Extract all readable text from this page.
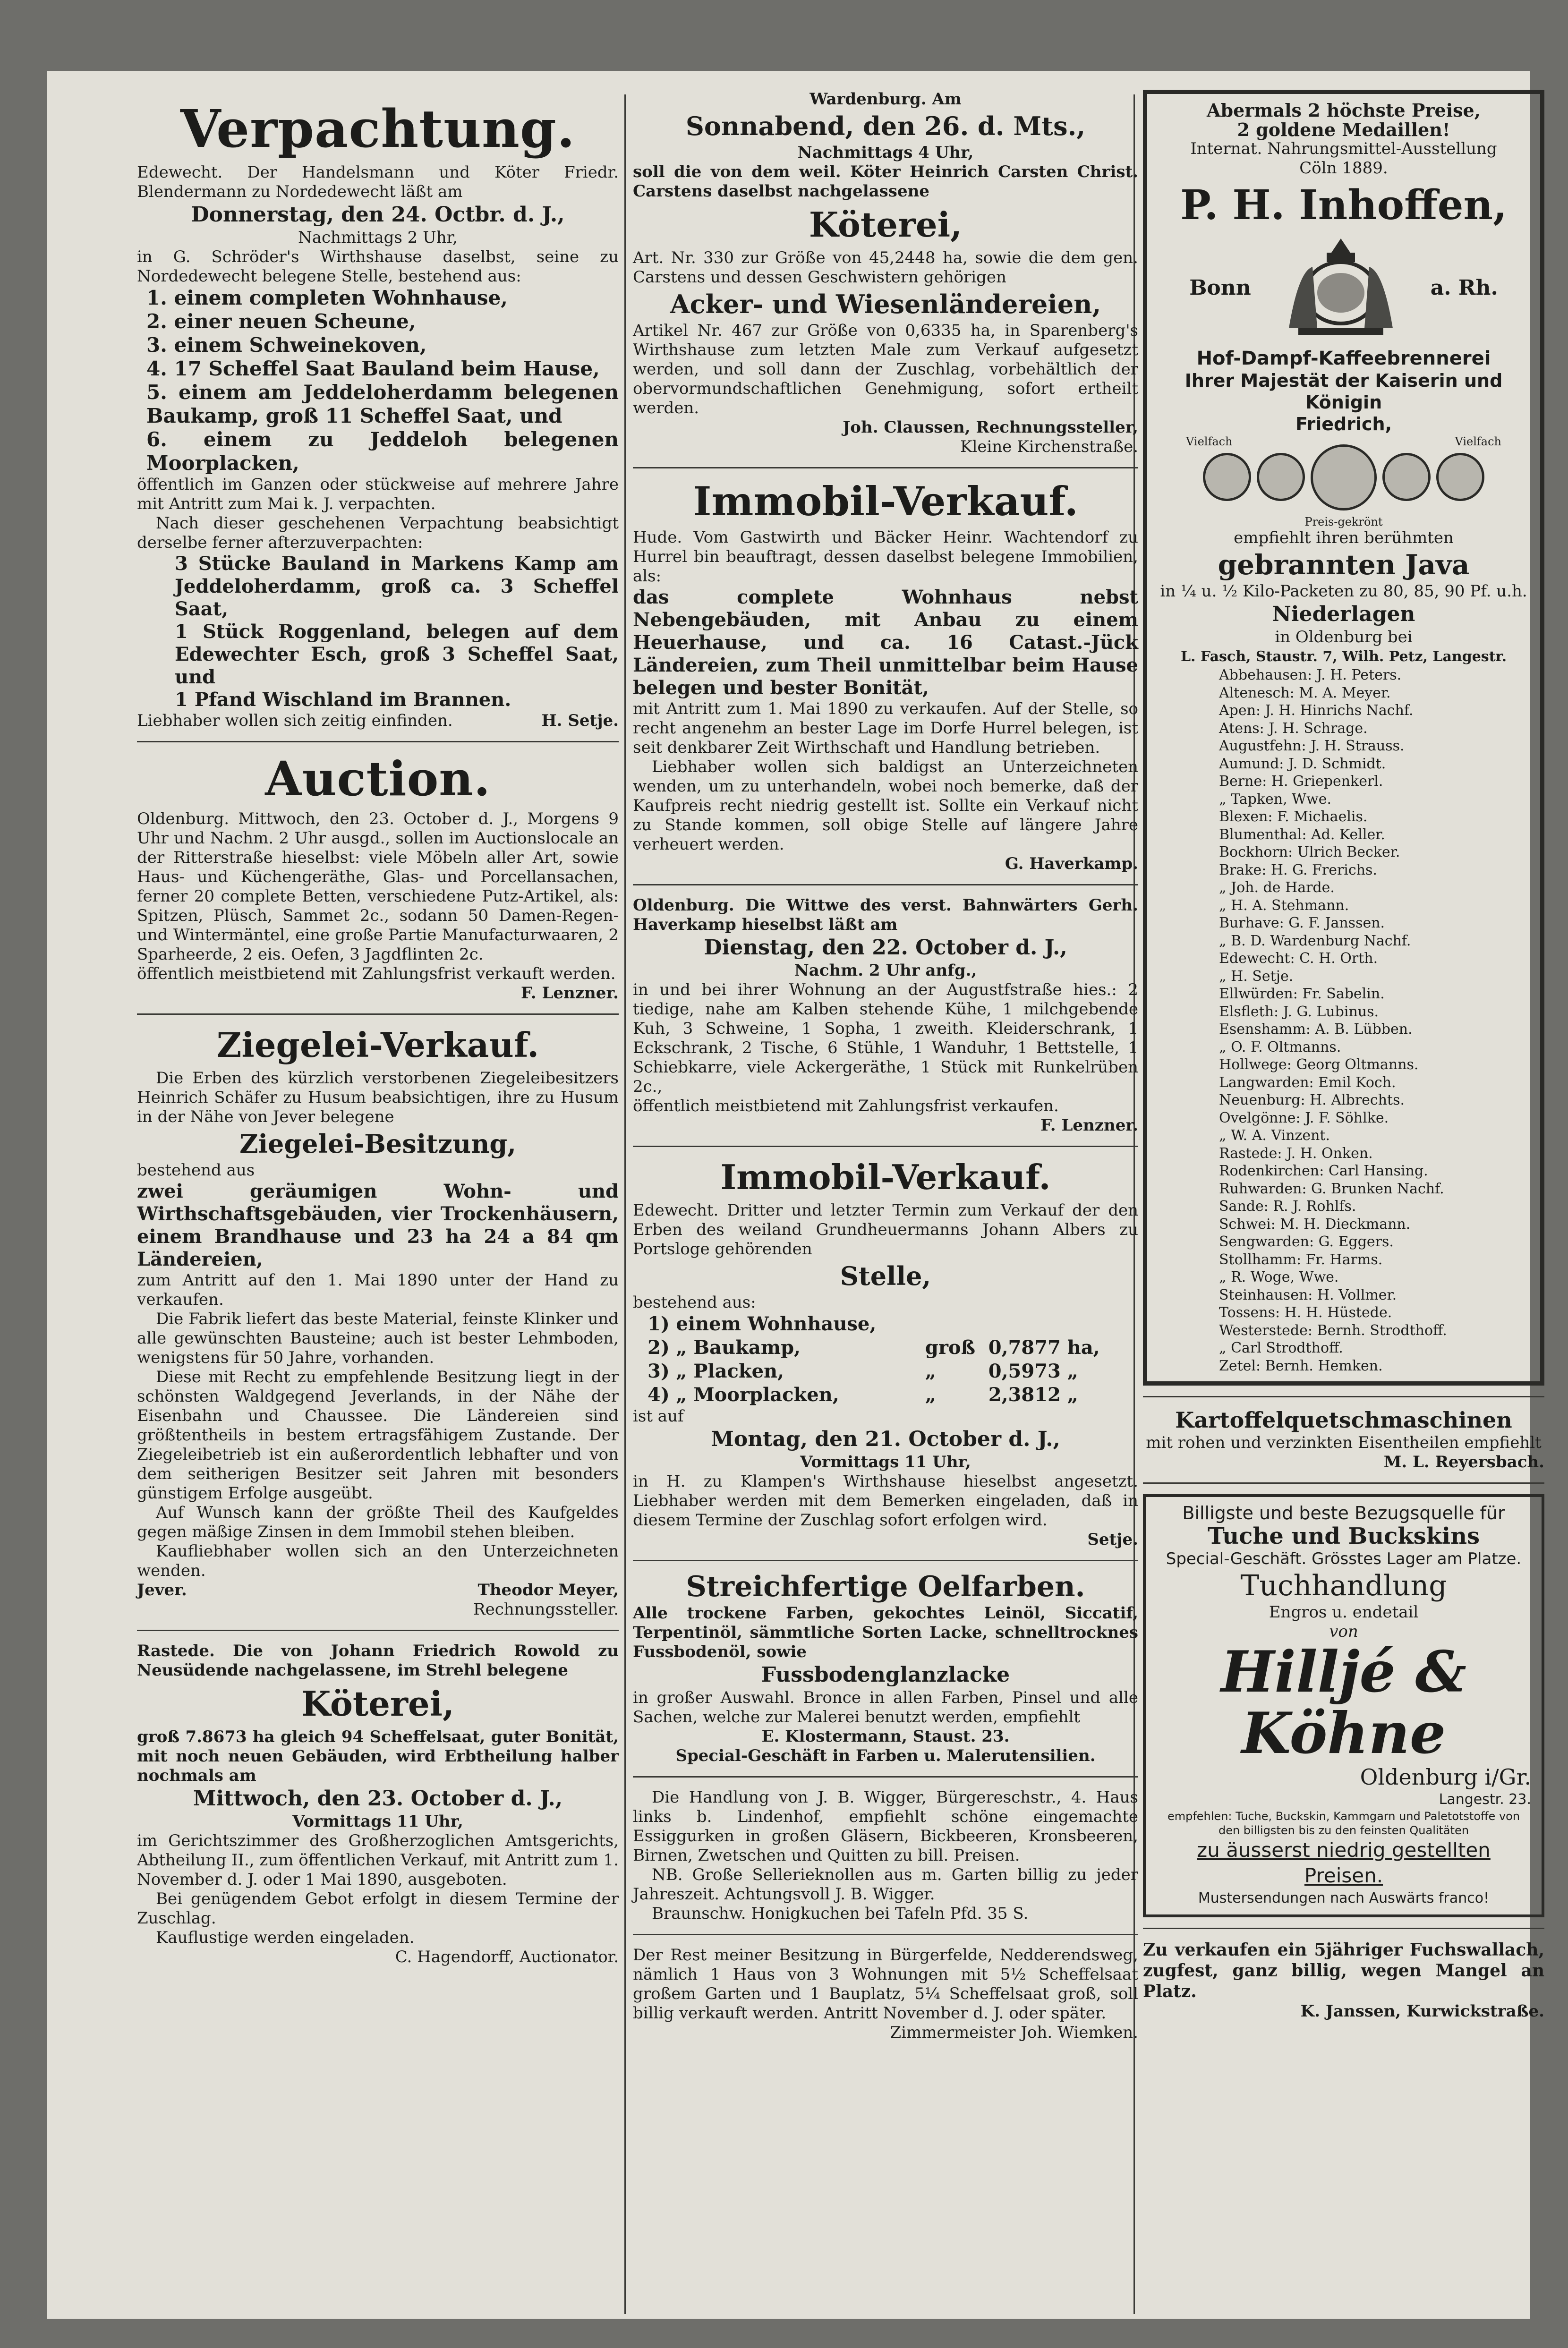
Verpachtung.

Edewecht. Der Handelsmann und Köter Friedr. Blendermann zu Nordedewecht läßt am

Donnerstag, den 24. Octbr. d. J.,

Nachmittags 2 Uhr,

in G. Schröder's Wirthshause daselbst, seine zu Nordedewecht belegene Stelle, bestehend aus:

1. einem completen Wohnhause,

2. einer neuen Scheune,

3. einem Schweinekoven,

4. 17 Scheffel Saat Bauland beim Hause,

5. einem am Jeddeloherdamm belegenen Baukamp, groß 11 Scheffel Saat, und

6. einem zu Jeddeloh belegenen Moorplacken,

öffentlich im Ganzen oder stückweise auf mehrere Jahre mit Antritt zum Mai k. J. verpachten.

Nach dieser geschehenen Verpachtung beabsichtigt derselbe ferner afterzuverpachten:

3 Stücke Bauland in Markens Kamp am Jeddeloherdamm, groß ca. 3 Scheffel Saat,

1 Stück Roggenland, belegen auf dem Edewechter Esch, groß 3 Scheffel Saat, und

1 Pfand Wischland im Brannen.

Liebhaber wollen sich zeitig einfinden.	H. Setje.
Auction.

Oldenburg. Mittwoch, den 23. October d. J., Morgens 9 Uhr und Nachm. 2 Uhr ausgd., sollen im Auctionslocale an der Ritterstraße hieselbst: viele Möbeln aller Art, sowie Haus- und Küchengeräthe, Glas- und Porcellansachen, ferner 20 complete Betten, verschiedene Putz-Artikel, als: Spitzen, Plüsch, Sammet 2c., sodann 50 Damen-Regen- und Wintermäntel, eine große Partie Manufacturwaaren, 2 Sparheerde, 2 eis. Oefen, 3 Jagdflinten 2c.

öffentlich meistbietend mit Zahlungsfrist verkauft werden.

F. Lenzner.

Ziegelei-Verkauf.

Die Erben des kürzlich verstorbenen Ziegeleibesitzers Heinrich Schäfer zu Husum beabsichtigen, ihre zu Husum in der Nähe von Jever belegene

Ziegelei-Besitzung,

bestehend aus

zwei geräumigen Wohn- und Wirthschaftsgebäuden, vier Trockenhäusern, einem Brandhause und 23 ha 24 a 84 qm Ländereien,

zum Antritt auf den 1. Mai 1890 unter der Hand zu verkaufen.

Die Fabrik liefert das beste Material, feinste Klinker und alle gewünschten Bausteine; auch ist bester Lehmboden, wenigstens für 50 Jahre, vorhanden.

Diese mit Recht zu empfehlende Besitzung liegt in der schönsten Waldgegend Jeverlands, in der Nähe der Eisenbahn und Chaussee. Die Ländereien sind größtentheils in bestem ertragsfähigem Zustande. Der Ziegeleibetrieb ist ein außerordentlich lebhafter und von dem seitherigen Besitzer seit Jahren mit besonders günstigem Erfolge ausgeübt.

Auf Wunsch kann der größte Theil des Kaufgeldes gegen mäßige Zinsen in dem Immobil stehen bleiben.

Kaufliebhaber wollen sich an den Unterzeichneten wenden.

Jever.	Theodor Meyer,

Rechnungssteller.

Rastede. Die von Johann Friedrich Rowold zu Neusüdende nachgelassene, im Strehl belegene

Köterei,

groß 7.8673 ha gleich 94 Scheffelsaat, guter Bonität, mit noch neuen Gebäuden, wird Erbtheilung halber nochmals am

Mittwoch, den 23. October d. J.,

Vormittags 11 Uhr,

im Gerichtszimmer des Großherzoglichen Amtsgerichts, Abtheilung II., zum öffentlichen Verkauf, mit Antritt zum 1. November d. J. oder 1 Mai 1890, ausgeboten.

Bei genügendem Gebot erfolgt in diesem Termine der Zuschlag.

Kauflustige werden eingeladen.

C. Hagendorff, Auctionator.

Wardenburg. Am

Sonnabend, den 26. d. Mts.,

Nachmittags 4 Uhr,

soll die von dem weil. Köter Heinrich Carsten Christ. Carstens daselbst nachgelassene

Köterei,

Art. Nr. 330 zur Größe von 45,2448 ha, sowie die dem gen. Carstens und dessen Geschwistern gehörigen

Acker- und Wiesenländereien,

Artikel Nr. 467 zur Größe von 0,6335 ha, in Sparenberg's Wirthshause zum letzten Male zum Verkauf aufgesetzt werden, und soll dann der Zuschlag, vorbehältlich der obervormundschaftlichen Genehmigung, sofort ertheilt werden.

Joh. Claussen, Rechnungssteller,

Kleine Kirchenstraße.

Immobil-Verkauf.

Hude. Vom Gastwirth und Bäcker Heinr. Wachtendorf zu Hurrel bin beauftragt, dessen daselbst belegene Immobilien, als:

das complete Wohnhaus nebst Nebengebäuden, mit Anbau zu einem Heuerhause, und ca. 16 Catast.-Jück Ländereien, zum Theil unmittelbar beim Hause belegen und bester Bonität,

mit Antritt zum 1. Mai 1890 zu verkaufen. Auf der Stelle, so recht angenehm an bester Lage im Dorfe Hurrel belegen, ist seit denkbarer Zeit Wirthschaft und Handlung betrieben.

Liebhaber wollen sich baldigst an Unterzeichneten wenden, um zu unterhandeln, wobei noch bemerke, daß der Kaufpreis recht niedrig gestellt ist. Sollte ein Verkauf nicht zu Stande kommen, soll obige Stelle auf längere Jahre verheuert werden.

G. Haverkamp.

Oldenburg. Die Wittwe des verst. Bahnwärters Gerh. Haverkamp hieselbst läßt am

Dienstag, den 22. October d. J.,

Nachm. 2 Uhr anfg.,

in und bei ihrer Wohnung an der Augustfstraße hies.: 2 tiedige, nahe am Kalben stehende Kühe, 1 milchgebende Kuh, 3 Schweine, 1 Sopha, 1 zweith. Kleiderschrank, 1 Eckschrank, 2 Tische, 6 Stühle, 1 Wanduhr, 1 Bettstelle, 1 Schiebkarre, viele Ackergeräthe, 1 Stück mit Runkelrüben 2c.,

öffentlich meistbietend mit Zahlungsfrist verkaufen.

F. Lenzner.

Immobil-Verkauf.

Edewecht. Dritter und letzter Termin zum Verkauf der den Erben des weiland Grundheuermanns Johann Albers zu Portsloge gehörenden

Stelle,

bestehend aus:

1)	einem Wohnhause,		
2)	„ Baukamp,	groß	0,7877 ha,
3)	„ Placken,	„	0,5973 „
4)	„ Moorplacken,	„	2,3812 „

ist auf

Montag, den 21. October d. J.,

Vormittags 11 Uhr,

in H. zu Klampen's Wirthshause hieselbst angesetzt. Liebhaber werden mit dem Bemerken eingeladen, daß in diesem Termine der Zuschlag sofort erfolgen wird.

Setje.

Streichfertige Oelfarben.

Alle trockene Farben, gekochtes Leinöl, Siccatif, Terpentinöl, sämmtliche Sorten Lacke, schnelltrocknes Fussbodenöl, sowie

Fussbodenglanzlacke

in großer Auswahl. Bronce in allen Farben, Pinsel und alle Sachen, welche zur Malerei benutzt werden, empfiehlt

E. Klostermann, Staust. 23.

Special-Geschäft in Farben u. Malerutensilien.

Die Handlung von J. B. Wigger, Bürgereschstr., 4. Haus links b. Lindenhof, empfiehlt schöne eingemachte Essiggurken in großen Gläsern, Bickbeeren, Kronsbeeren, Birnen, Zwetschen und Quitten zu bill. Preisen.

NB. Große Sellerieknollen aus m. Garten billig zu jeder Jahreszeit. Achtungsvoll J. B. Wigger.

Braunschw. Honigkuchen bei Tafeln Pfd. 35 S.

Der Rest meiner Besitzung in Bürgerfelde, Nedderendsweg, nämlich 1 Haus von 3 Wohnungen mit 5½ Scheffelsaat großem Garten und 1 Bauplatz, 5¼ Scheffelsaat groß, soll billig verkauft werden. Antritt November d. J. oder später.

Zimmermeister Joh. Wiemken.

Abermals 2 höchste Preise,

2 goldene Medaillen!

Internat. Nahrungsmittel-Ausstellung

Cöln 1889.

P. H. Inhoffen,
Bonn	a. Rh.

Hof-Dampf-Kaffeebrennerei

Ihrer Majestät der Kaiserin und Königin

Friedrich,

Vielfach	Vielfach

Preis-gekrönt

empfiehlt ihren berühmten

gebrannten Java

in ¼ u. ½ Kilo-Packeten zu 80, 85, 90 Pf. u.h.

Niederlagen

in Oldenburg bei

L. Fasch, Staustr. 7, Wilh. Petz, Langestr.

Abbehausen: J. H. Peters.

Altenesch: M. A. Meyer.

Apen: J. H. Hinrichs Nachf.

Atens: J. H. Schrage.

Augustfehn: J. H. Strauss.

Aumund: J. D. Schmidt.

Berne: H. Griepenkerl.

„ Tapken, Wwe.

Blexen: F. Michaelis.

Blumenthal: Ad. Keller.

Bockhorn: Ulrich Becker.

Brake: H. G. Frerichs.

„ Joh. de Harde.

„ H. A. Stehmann.

Burhave: G. F. Janssen.

„ B. D. Wardenburg Nachf.

Edewecht: C. H. Orth.

„ H. Setje.

Ellwürden: Fr. Sabelin.

Elsfleth: J. G. Lubinus.

Esenshamm: A. B. Lübben.

„ O. F. Oltmanns.

Hollwege: Georg Oltmanns.

Langwarden: Emil Koch.

Neuenburg: H. Albrechts.

Ovelgönne: J. F. Söhlke.

„ W. A. Vinzent.

Rastede: J. H. Onken.

Rodenkirchen: Carl Hansing.

Ruhwarden: G. Brunken Nachf.

Sande: R. J. Rohlfs.

Schwei: M. H. Dieckmann.

Sengwarden: G. Eggers.

Stollhamm: Fr. Harms.

„ R. Woge, Wwe.

Steinhausen: H. Vollmer.

Tossens: H. H. Hüstede.

Westerstede: Bernh. Strodthoff.

„ Carl Strodthoff.

Zetel: Bernh. Hemken.

Kartoffelquetschmaschinen

mit rohen und verzinkten Eisentheilen empfiehlt

M. L. Reyersbach.

Billigste und beste Bezugsquelle für

Tuche und Buckskins

Special-Geschäft. Grösstes Lager am Platze.

Tuchhandlung

Engros u. endetail

von

Hilljé & Köhne

Oldenburg i/Gr.

Langestr. 23.

empfehlen: Tuche, Buckskin, Kammgarn und Paletotstoffe von den billigsten bis zu den feinsten Qualitäten

zu äusserst niedrig gestellten Preisen.

Mustersendungen nach Auswärts franco!

Zu verkaufen ein 5jähriger Fuchswallach, zugfest, ganz billig, wegen Mangel an Platz.

K. Janssen, Kurwickstraße.
